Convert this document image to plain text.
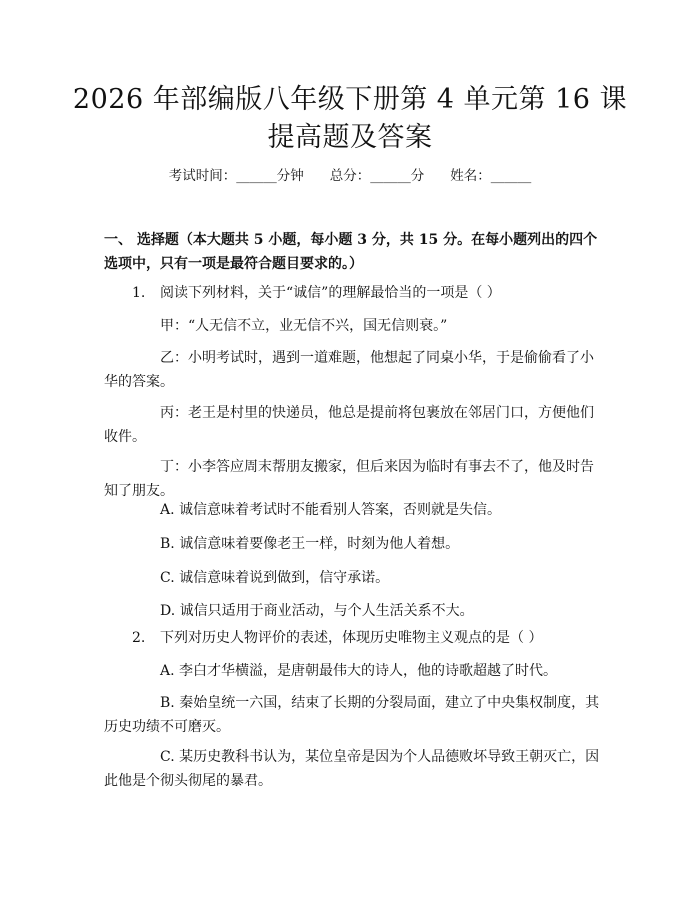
2026 年部编版八年级下册第 4 单元第 16 课
提高题及答案
考试时间：______分钟 总分：______分 姓名：______
一、 选择题（本大题共 5 小题，每小题 3 分，共 15 分。在每小题列出的四个选项中，只有一项是最符合题目要求的。）
1. 阅读下列材料，关于“诚信”的理解最恰当的一项是（ ）
甲：“人无信不立，业无信不兴，国无信则衰。”
乙：小明考试时，遇到一道难题，他想起了同桌小华，于是偷偷看了小华的答案。
丙：老王是村里的快递员，他总是提前将包裹放在邻居门口，方便他们收件。
丁：小李答应周末帮朋友搬家，但后来因为临时有事去不了，他及时告知了朋友。
A. 诚信意味着考试时不能看别人答案，否则就是失信。
B. 诚信意味着要像老王一样，时刻为他人着想。
C. 诚信意味着说到做到，信守承诺。
D. 诚信只适用于商业活动，与个人生活关系不大。
2. 下列对历史人物评价的表述，体现历史唯物主义观点的是（ ）
A. 李白才华横溢，是唐朝最伟大的诗人，他的诗歌超越了时代。
B. 秦始皇统一六国，结束了长期的分裂局面，建立了中央集权制度，其历史功绩不可磨灭。
C. 某历史教科书认为，某位皇帝是因为个人品德败坏导致王朝灭亡，因此他是个彻头彻尾的暴君。
